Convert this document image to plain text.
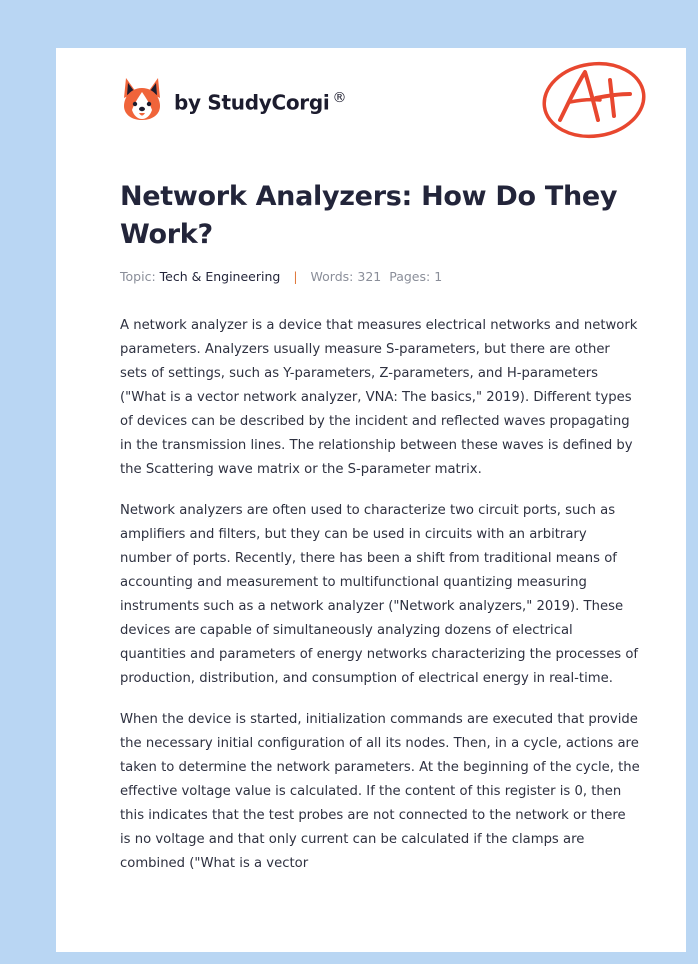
by StudyCorgi ®
Network Analyzers: How Do They Work?
Topic: Tech & Engineering | Words: 321 Pages: 1

A network analyzer is a device that measures electrical networks and network parameters. Analyzers usually measure S-parameters, but there are other sets of settings, such as Y-parameters, Z-parameters, and H-parameters ("What is a vector network analyzer, VNA: The basics," 2019). Different types of devices can be described by the incident and reflected waves propagating in the transmission lines. The relationship between these waves is defined by the Scattering wave matrix or the S-parameter matrix.

Network analyzers are often used to characterize two circuit ports, such as amplifiers and filters, but they can be used in circuits with an arbitrary number of ports. Recently, there has been a shift from traditional means of accounting and measurement to multifunctional quantizing measuring instruments such as a network analyzer ("Network analyzers," 2019). These devices are capable of simultaneously analyzing dozens of electrical quantities and parameters of energy networks characterizing the processes of production, distribution, and consumption of electrical energy in real-time.

When the device is started, initialization commands are executed that provide the necessary initial configuration of all its nodes. Then, in a cycle, actions are taken to determine the network parameters. At the beginning of the cycle, the effective voltage value is calculated. If the content of this register is 0, then this indicates that the test probes are not connected to the network or there is no voltage and that only current can be calculated if the clamps are combined ("What is a vector
